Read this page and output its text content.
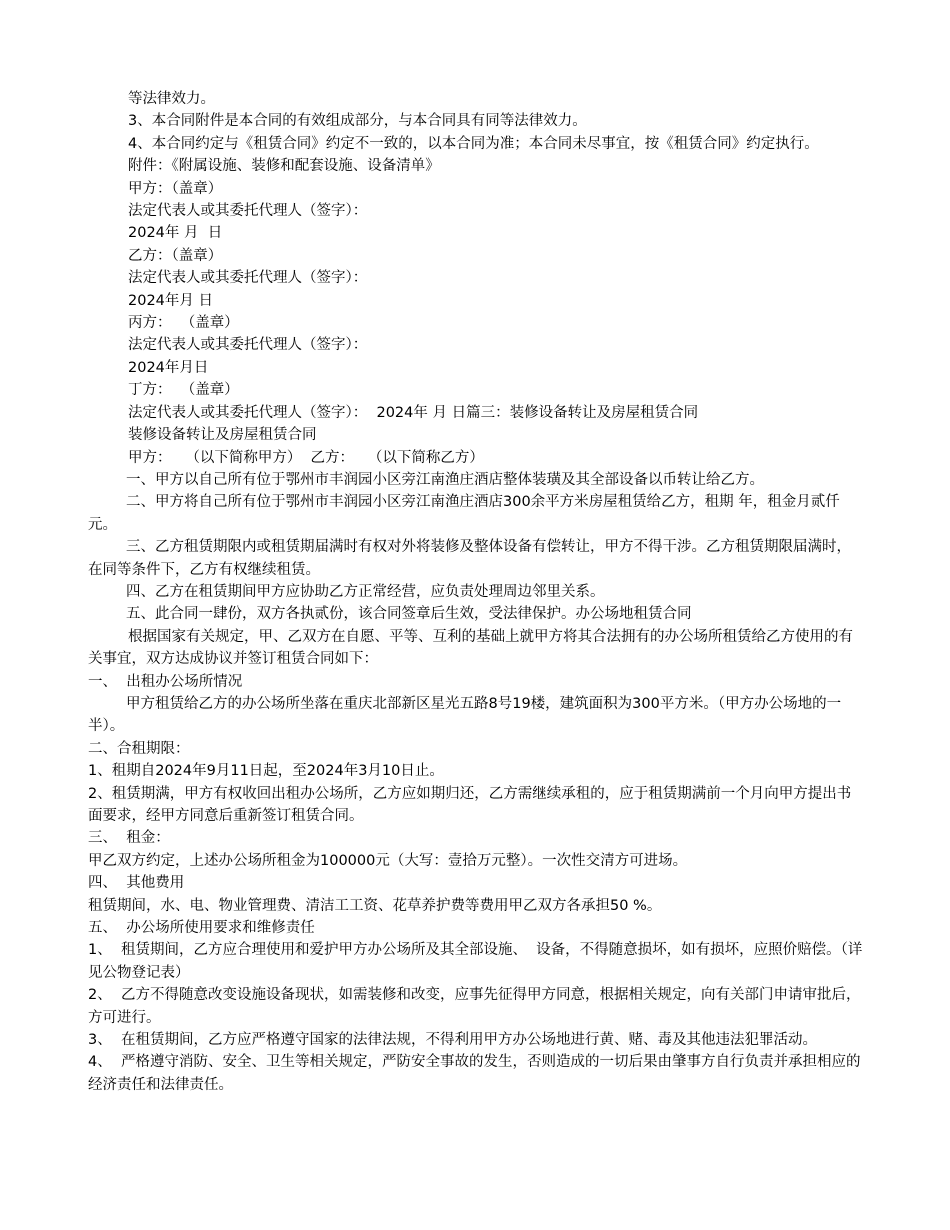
等法律效力。

3、本合同附件是本合同的有效组成部分，与本合同具有同等法律效力。

4、本合同约定与《租赁合同》约定不一致的，以本合同为准；本合同未尽事宜，按《租赁合同》约定执行。

附件：《附属设施、装修和配套设施、设备清单》

甲方：（盖章）

法定代表人或其委托代理人（签字）：

2024年 月  日

乙方：（盖章）

法定代表人或其委托代理人（签字）：

2024年月 日

丙方：  （盖章）

法定代表人或其委托代理人（签字）：

2024年月日

丁方：  （盖章）

法定代表人或其委托代理人（签字）：  2024年 月 日篇三：装修设备转让及房屋租赁合同

装修设备转让及房屋租赁合同

甲方：   （以下简称甲方）  乙方：   （以下简称乙方）

一、甲方以自己所有位于鄂州市丰润园小区旁江南渔庄酒店整体装璜及其全部设备以币转让给乙方。

二、甲方将自己所有位于鄂州市丰润园小区旁江南渔庄酒店300余平方米房屋租赁给乙方，租期 年，租金月贰仟元。

三、乙方租赁期限内或租赁期届满时有权对外将装修及整体设备有偿转让，甲方不得干涉。乙方租赁期限届满时，在同等条件下，乙方有权继续租赁。

四、乙方在租赁期间甲方应协助乙方正常经营，应负责处理周边邻里关系。

五、此合同一肆份，双方各执贰份，该合同签章后生效，受法律保护。办公场地租赁合同

根据国家有关规定，甲、乙双方在自愿、平等、互利的基础上就甲方将其合法拥有的办公场所租赁给乙方使用的有关事宜，双方达成协议并签订租赁合同如下：

一、  出租办公场所情况

甲方租赁给乙方的办公场所坐落在重庆北部新区星光五路8号19楼，建筑面积为300平方米。（甲方办公场地的一半）。

二、合租期限：

1、租期自2024年9月11日起，至2024年3月10日止。

2、租赁期满，甲方有权收回出租办公场所，乙方应如期归还，乙方需继续承租的，应于租赁期满前一个月向甲方提出书面要求，经甲方同意后重新签订租赁合同。

三、  租金：

甲乙双方约定，上述办公场所租金为100000元（大写：壹拾万元整）。一次性交清方可进场。

四、  其他费用

租赁期间，水、电、物业管理费、清洁工工资、花草养护费等费用甲乙双方各承担50 %。

五、  办公场所使用要求和维修责任

1、  租赁期间，乙方应合理使用和爱护甲方办公场所及其全部设施、  设备，不得随意损坏，如有损坏，应照价赔偿。（详见公物登记表）

2、  乙方不得随意改变设施设备现状，如需装修和改变，应事先征得甲方同意，根据相关规定，向有关部门申请审批后，方可进行。

3、  在租赁期间，乙方应严格遵守国家的法律法规，不得利用甲方办公场地进行黄、赌、毒及其他违法犯罪活动。

4、  严格遵守消防、安全、卫生等相关规定，严防安全事故的发生，否则造成的一切后果由肇事方自行负责并承担相应的经济责任和法律责任。
